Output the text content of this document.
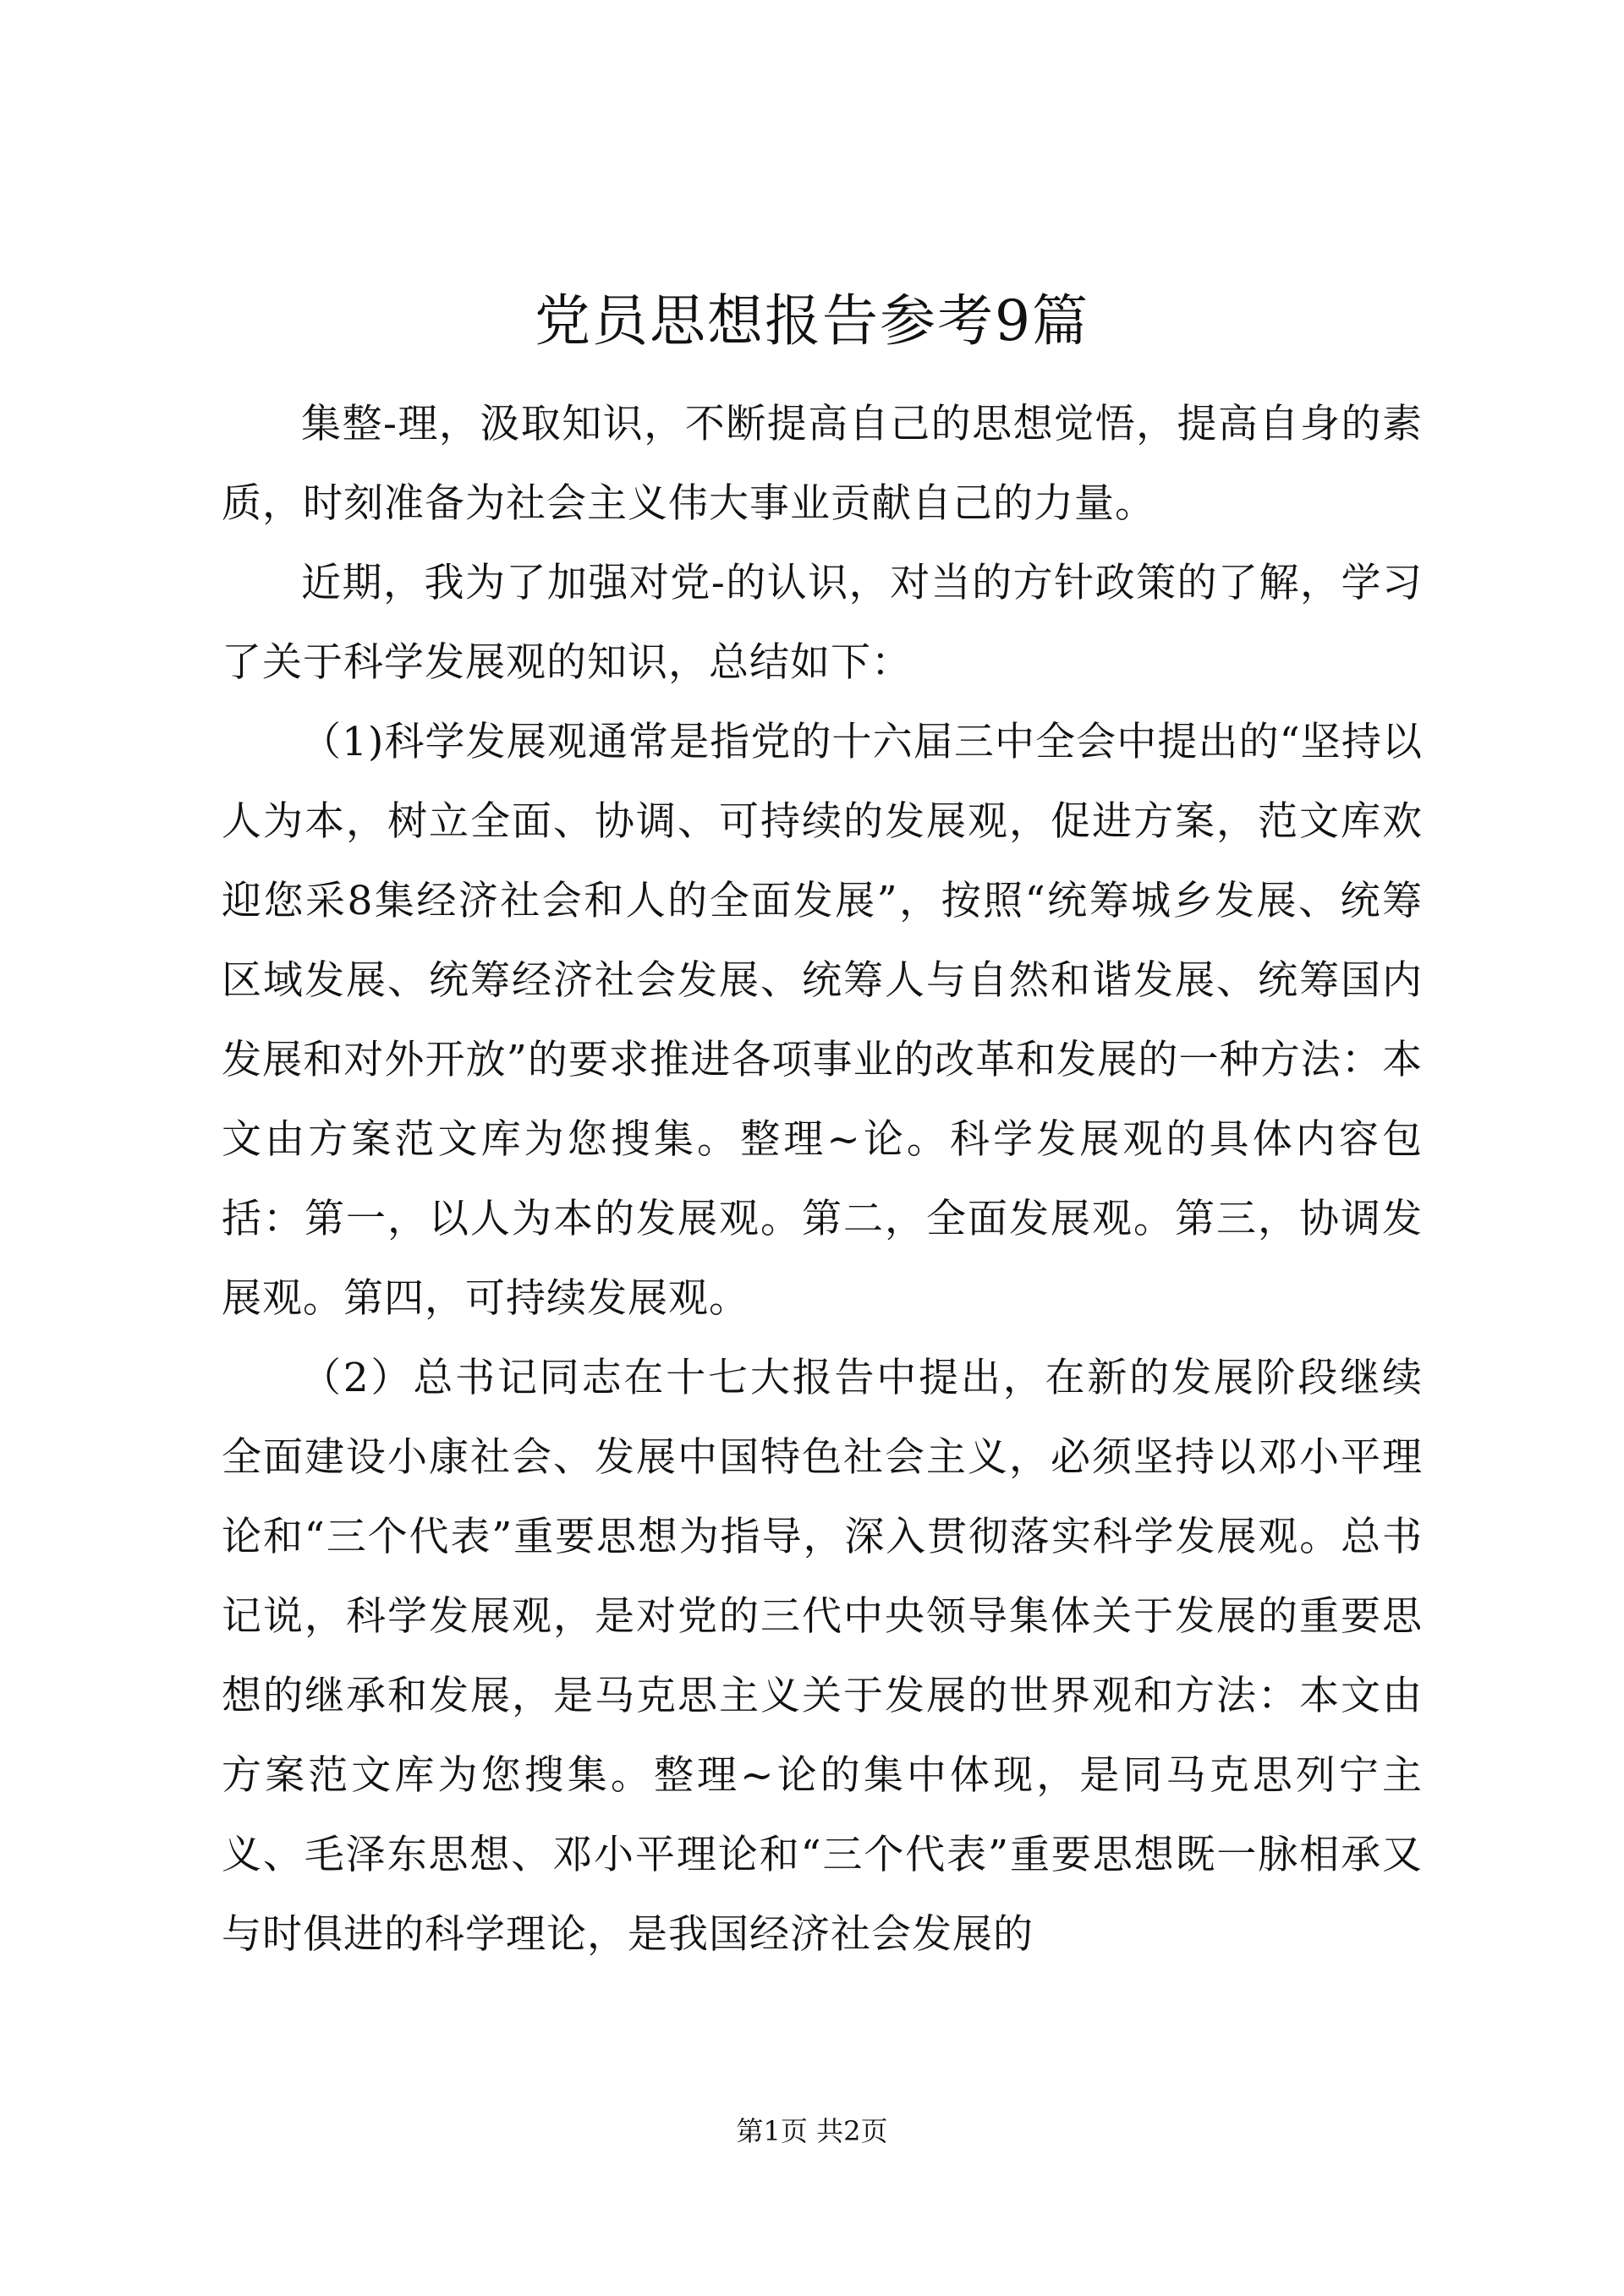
党员思想报告参考9篇

集整-理，汲取知识，不断提高自己的思想觉悟，提高自身的素质，时刻准备为社会主义伟大事业贡献自己的力量。

近期，我为了加强对党-的认识，对当的方针政策的了解，学习了关于科学发展观的知识，总结如下：

（1)科学发展观通常是指党的十六届三中全会中提出的“坚持以人为本，树立全面、协调、可持续的发展观，促进方案，范文库欢迎您采8集经济社会和人的全面发展”，按照“统筹城乡发展、统筹区域发展、统筹经济社会发展、统筹人与自然和谐发展、统筹国内发展和对外开放”的要求推进各项事业的改革和发展的一种方法：本文由方案范文库为您搜集。整理~论。科学发展观的具体内容包括：第一，以人为本的发展观。第二，全面发展观。第三，协调发展观。第四，可持续发展观。

（2）总书记同志在十七大报告中提出，在新的发展阶段继续全面建设小康社会、发展中国特色社会主义，必须坚持以邓小平理论和“三个代表”重要思想为指导，深入贯彻落实科学发展观。总书记说，科学发展观，是对党的三代中央领导集体关于发展的重要思想的继承和发展，是马克思主义关于发展的世界观和方法：本文由方案范文库为您搜集。整理~论的集中体现，是同马克思列宁主义、毛泽东思想、邓小平理论和“三个代表”重要思想既一脉相承又与时俱进的科学理论，是我国经济社会发展的

第1页 共2页
